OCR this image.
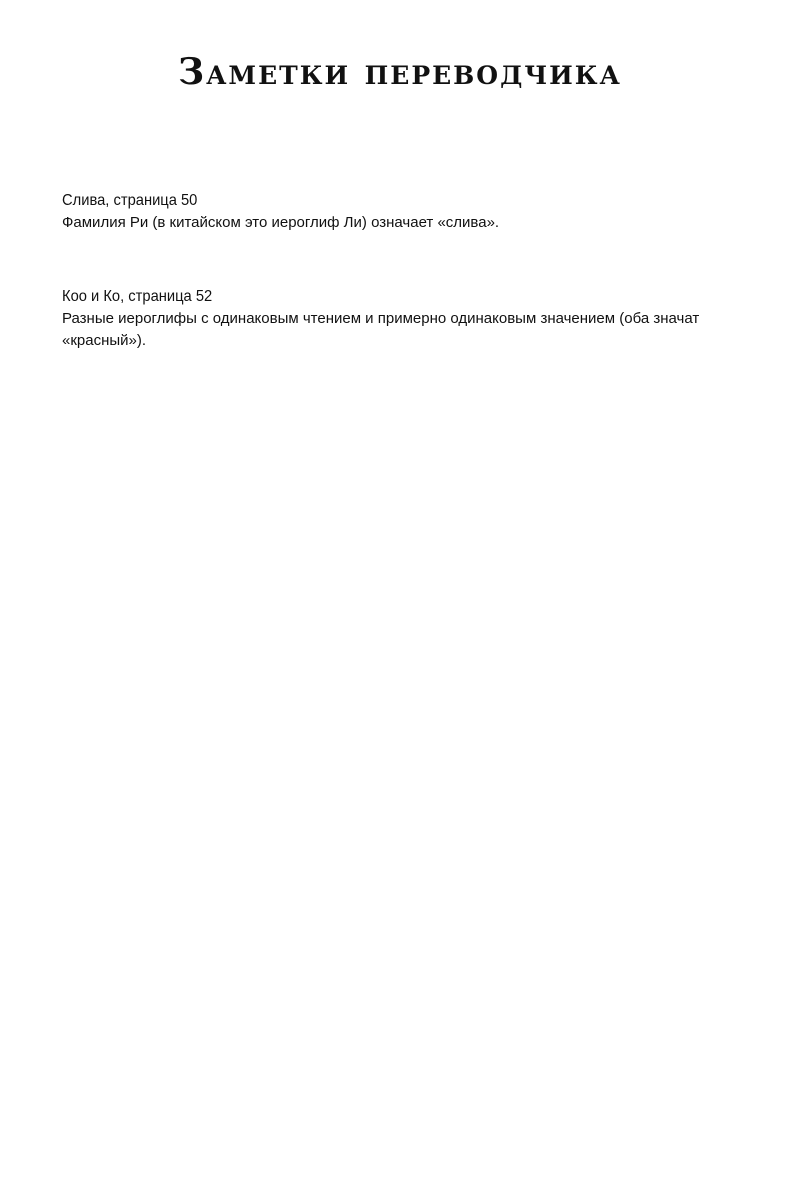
Заметки переводчика

Слива, страница 50

Фамилия Ри (в китайском это иероглиф Ли) означает «слива».

Коо и Ко, страница 52

Разные иероглифы с одинаковым чтением и примерно одинаковым значением (оба значат «красный»).
